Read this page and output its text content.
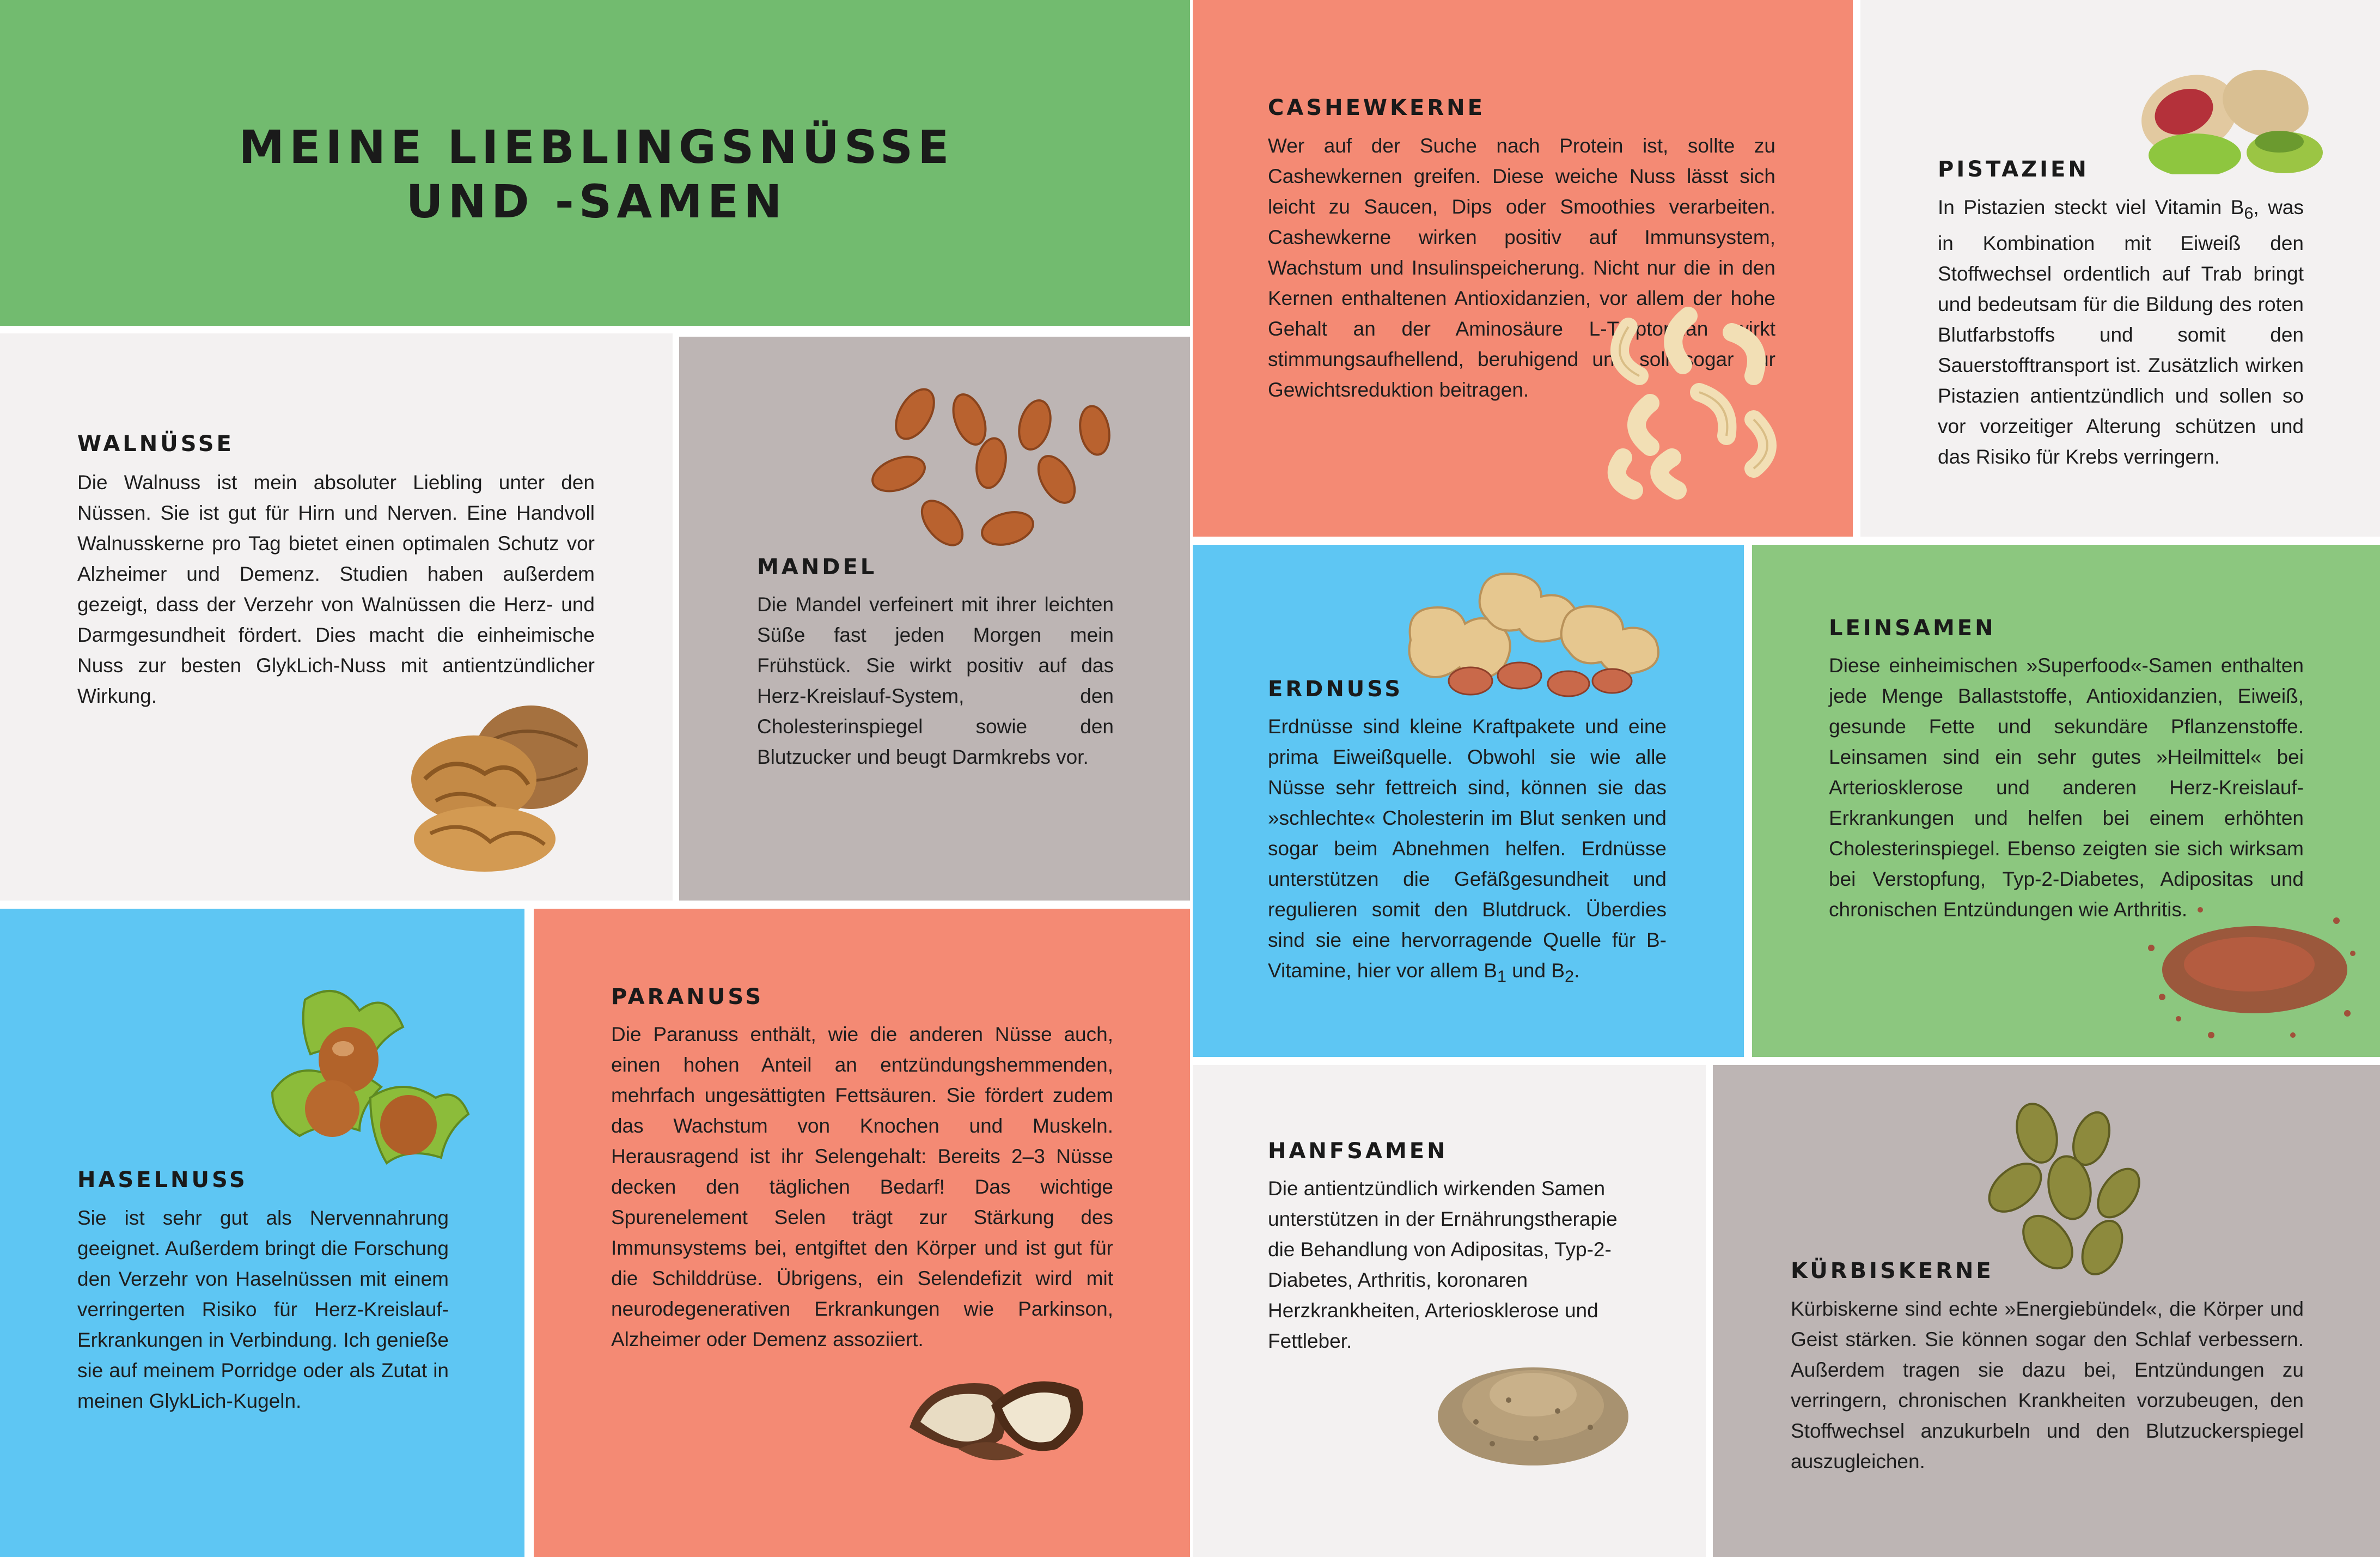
MEINE LIEBLINGSNÜSSE
UND -SAMEN
WALNÜSSE

Die Walnuss ist mein absoluter Liebling unter den Nüssen. Sie ist gut für Hirn und Nerven. Eine Handvoll Walnusskerne pro Tag bietet einen optimalen Schutz vor Alzheimer und Demenz. Studien haben außerdem gezeigt, dass der Verzehr von Walnüssen die Herz- und Darmgesundheit fördert. Dies macht die einheimische Nuss zur besten GlykLich-Nuss mit antientzündlicher Wirkung.

MANDEL

Die Mandel verfeinert mit ihrer leichten Süße fast jeden Morgen mein Frühstück. Sie wirkt positiv auf das Herz-Kreislauf-System, den Cholesterinspiegel sowie den Blutzucker und beugt Darmkrebs vor.

CASHEWKERNE

Wer auf der Suche nach Protein ist, sollte zu Cashewkernen greifen. Diese weiche Nuss lässt sich leicht zu Saucen, Dips oder Smoothies verarbeiten. Cashewkerne wirken positiv auf Immunsystem, Wachstum und Insulinspeicherung. Nicht nur die in den Kernen enthaltenen Antioxidanzien, vor allem der hohe Gehalt an der Aminosäure L-Tryptophan wirkt stimmungsaufhellend, beruhigend und soll sogar zur Gewichtsreduktion beitragen.

PISTAZIEN

In Pistazien steckt viel Vitamin $B_6$, was in Kombination mit Eiweiß den Stoffwechsel ordentlich auf Trab bringt und bedeutsam für die Bildung des roten Blutfarbstoffs und somit den Sauerstofftransport ist. Zusätzlich wirken Pistazien antientzündlich und sollen so vor vorzeitiger Alterung schützen und das Risiko für Krebs verringern.

ERDNUSS

Erdnüsse sind kleine Kraftpakete und eine prima Eiweißquelle. Obwohl sie wie alle Nüsse sehr fettreich sind, können sie das »schlechte« Cholesterin im Blut senken und sogar beim Abnehmen helfen. Erdnüsse unterstützen die Gefäßgesundheit und regulieren somit den Blutdruck. Überdies sind sie eine hervorragende Quelle für B-Vitamine, hier vor allem $B_1$ und $B_2$.

LEINSAMEN

Diese einheimischen »Superfood«-Samen enthalten jede Menge Ballaststoffe, Antioxidanzien, Eiweiß, gesunde Fette und sekundäre Pflanzenstoffe. Leinsamen sind ein sehr gutes »Heilmittel« bei Arteriosklerose und anderen Herz-Kreislauf-Erkrankungen und helfen bei einem erhöhten Cholesterinspiegel. Ebenso zeigten sie sich wirksam bei Verstopfung, Typ-2-Diabetes, Adipositas und chronischen Entzündungen wie Arthritis.

HASELNUSS

Sie ist sehr gut als Nervennahrung geeignet. Außerdem bringt die Forschung den Verzehr von Haselnüssen mit einem verringerten Risiko für Herz-Kreislauf-Erkrankungen in Verbindung. Ich genieße sie auf meinem Porridge oder als Zutat in meinen GlykLich-Kugeln.

PARANUSS

Die Paranuss enthält, wie die anderen Nüsse auch, einen hohen Anteil an entzündungshemmenden, mehrfach ungesättigten Fettsäuren. Sie fördert zudem das Wachstum von Knochen und Muskeln. Herausragend ist ihr Selengehalt: Bereits 2–3 Nüsse decken den täglichen Bedarf! Das wichtige Spurenelement Selen trägt zur Stärkung des Immunsystems bei, entgiftet den Körper und ist gut für die Schilddrüse. Übrigens, ein Selendefizit wird mit neurodegenerativen Erkrankungen wie Parkinson, Alzheimer oder Demenz assoziiert.

HANFSAMEN

Die antientzündlich wirkenden Samen unterstützen in der Ernährungstherapie die Behandlung von Adipositas, Typ-2-Diabetes, Arthritis, koronaren Herzkrankheiten, Arteriosklerose und Fettleber.

KÜRBISKERNE

Kürbiskerne sind echte »Energiebündel«, die Körper und Geist stärken. Sie können sogar den Schlaf verbessern. Außerdem tragen sie dazu bei, Entzündungen zu verringern, chronischen Krankheiten vorzubeugen, den Stoffwechsel anzukurbeln und den Blutzuckerspiegel auszugleichen.
